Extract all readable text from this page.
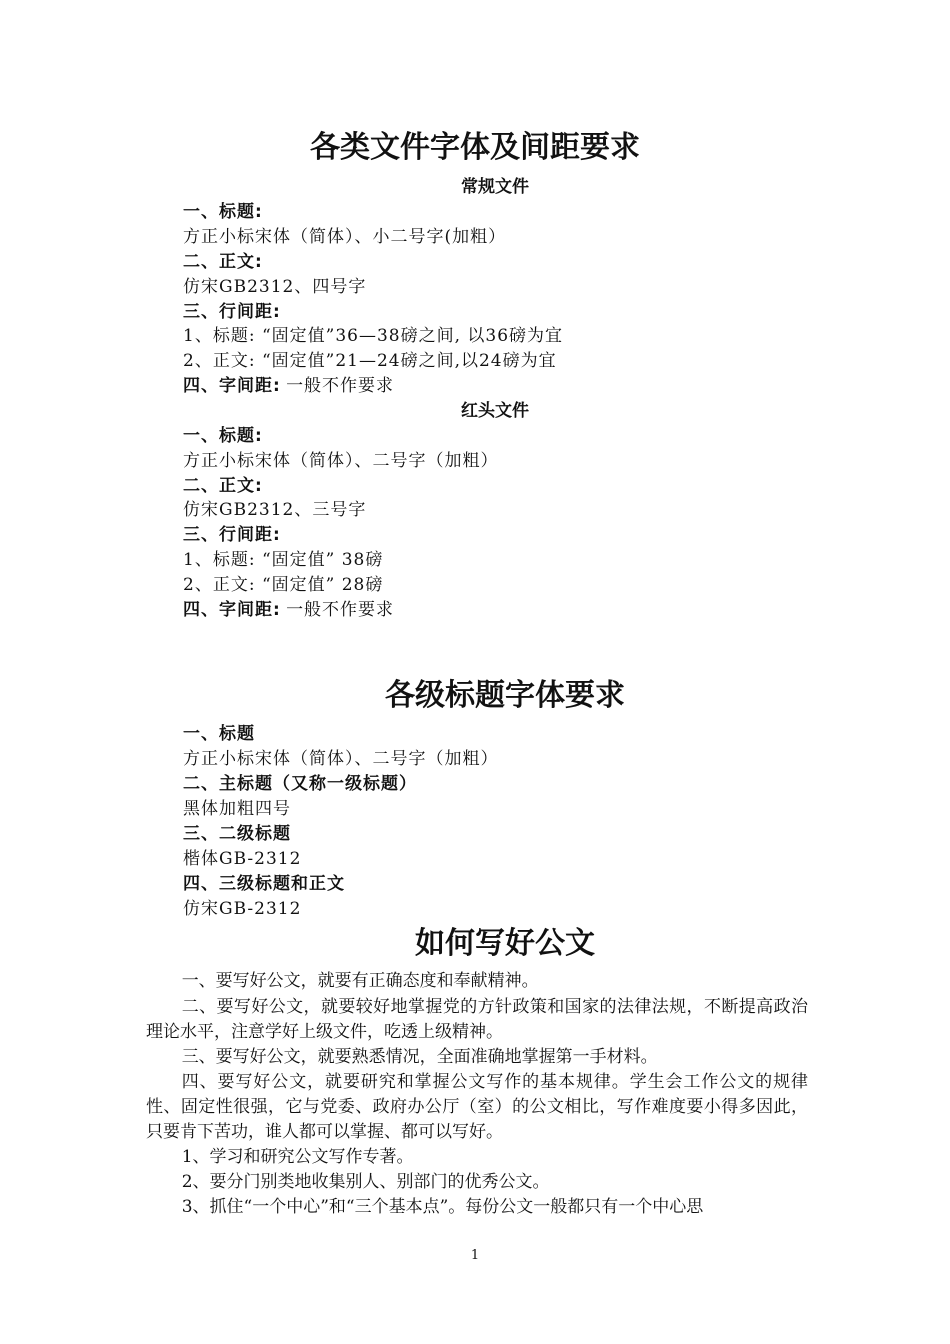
各类文件字体及间距要求
常规文件
一、标题:
方正小标宋体（简体）、小二号字(加粗）
二、正文:
仿宋GB2312、四号字
三、行间距:
1、标题: “固定值”36—38磅之间, 以36磅为宜
2、正文: “固定值”21—24磅之间,以24磅为宜
四、字间距: 一般不作要求
红头文件
一、标题:
方正小标宋体（简体）、二号字（加粗）
二、正文:
仿宋GB2312、三号字
三、行间距:
1、标题: “固定值” 38磅
2、正文: “固定值” 28磅
四、字间距: 一般不作要求
各级标题字体要求
一、标题
方正小标宋体（简体）、二号字（加粗）
二、主标题（又称一级标题）
黑体加粗四号
三、二级标题
楷体GB-2312
四、三级标题和正文
仿宋GB-2312
如何写好公文
一、要写好公文，就要有正确态度和奉献精神。
二、要写好公文，就要较好地掌握党的方针政策和国家的法律法规，不断提高政治理论水平，注意学好上级文件，吃透上级精神。
三、要写好公文，就要熟悉情况，全面准确地掌握第一手材料。
四、要写好公文，就要研究和掌握公文写作的基本规律。学生会工作公文的规律性、固定性很强，它与党委、政府办公厅（室）的公文相比，写作难度要小得多因此，只要肯下苦功，谁人都可以掌握、都可以写好。
1、学习和研究公文写作专著。
2、要分门别类地收集别人、别部门的优秀公文。
3、抓住“一个中心”和“三个基本点”。每份公文一般都只有一个中心思
1
